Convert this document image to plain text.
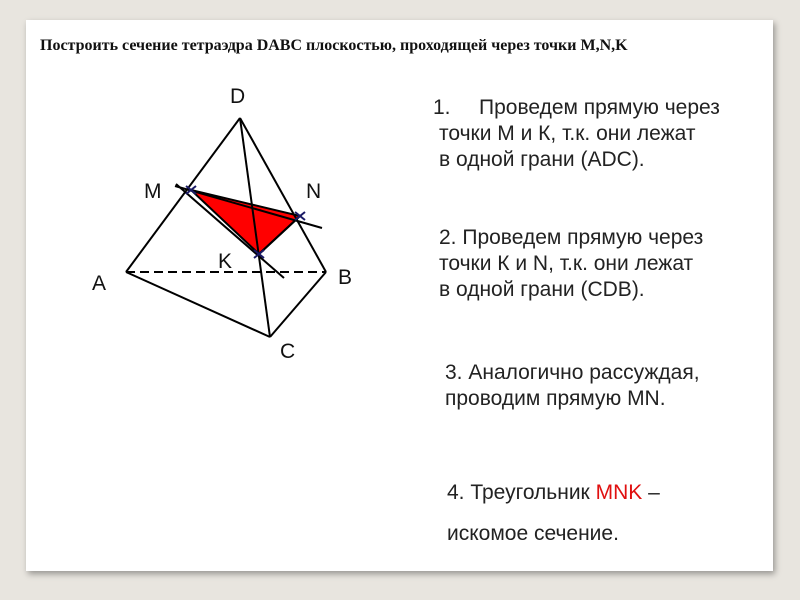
Построить сечение тетраэдра DABC плоскостью, проходящей через точки M,N,K
D
M	N
K
A	B
C
1. Проведем прямую через
точки M и К, т.к. они лежат
в одной грани (ADC).
2. Проведем прямую через
точки К и N, т.к. они лежат
в одной грани (CDB).
3. Аналогично рассуждая,
проводим прямую MN.
4. Треугольник MNK –
искомое сечение.
